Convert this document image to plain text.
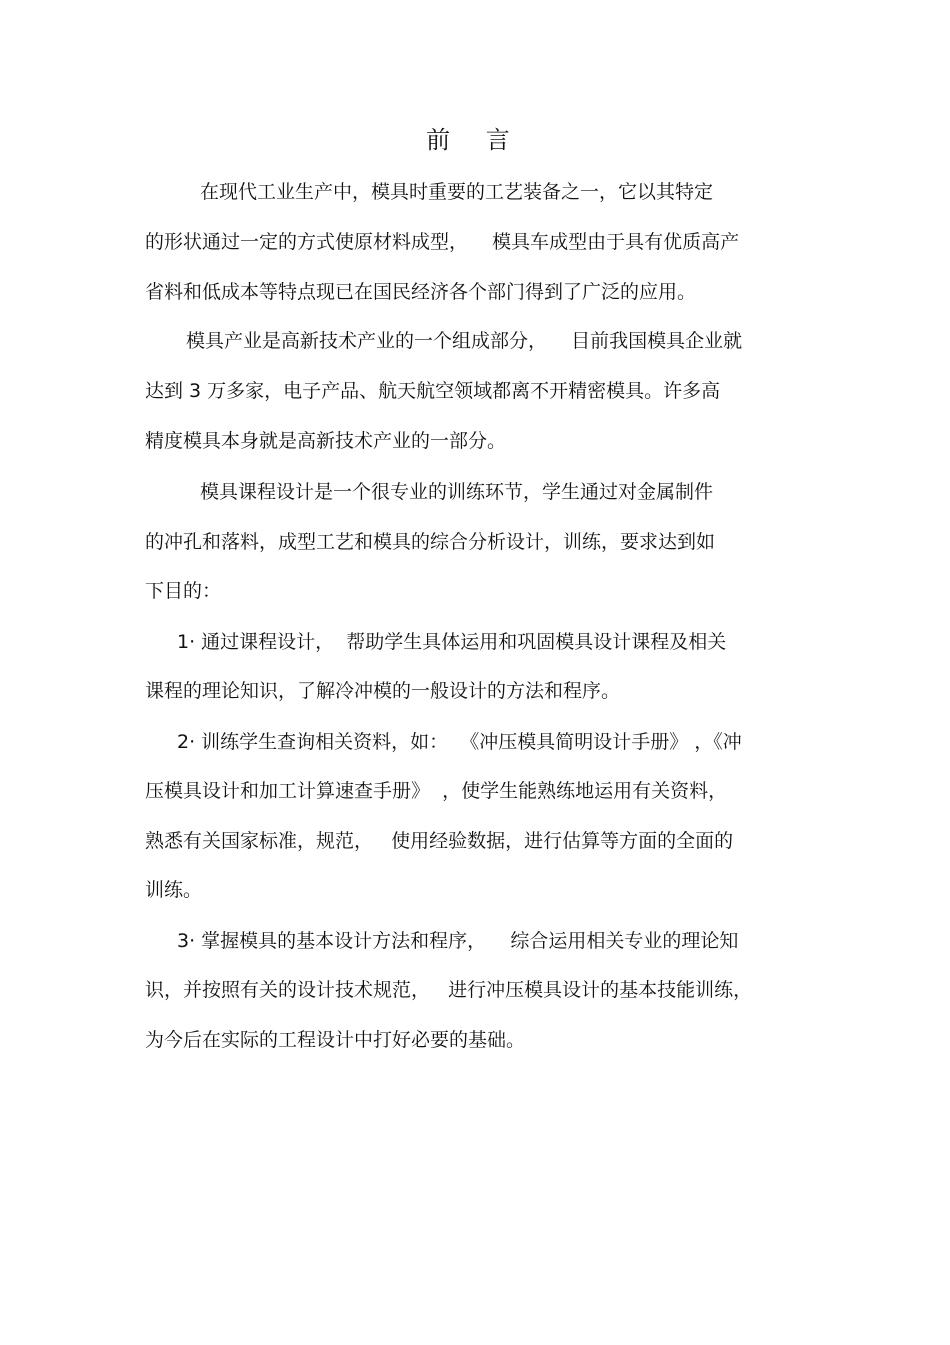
前 言
在现代工业生产中，模具时重要的工艺装备之一，它以其特定
的形状通过一定的方式使原材料成型，    模具车成型由于具有优质高产
省料和低成本等特点现已在国民经济各个部门得到了广泛的应用。
模具产业是高新技术产业的一个组成部分，    目前我国模具企业就
达到 3 万多家，电子产品、航天航空领域都离不开精密模具。许多高
精度模具本身就是高新技术产业的一部分。
模具课程设计是一个很专业的训练环节，学生通过对金属制件
的冲孔和落料，成型工艺和模具的综合分析设计，训练，要求达到如
下目的：
1· 通过课程设计，  帮助学生具体运用和巩固模具设计课程及相关
课程的理论知识，了解冷冲模的一般设计的方法和程序。
2· 训练学生查询相关资料，如：  《冲压模具简明设计手册》 ，《冲
压模具设计和加工计算速查手册》  ，使学生能熟练地运用有关资料，
熟悉有关国家标准，规范，   使用经验数据，进行估算等方面的全面的
训练。
3· 掌握模具的基本设计方法和程序，    综合运用相关专业的理论知
识，并按照有关的设计技术规范，   进行冲压模具设计的基本技能训练，
为今后在实际的工程设计中打好必要的基础。
